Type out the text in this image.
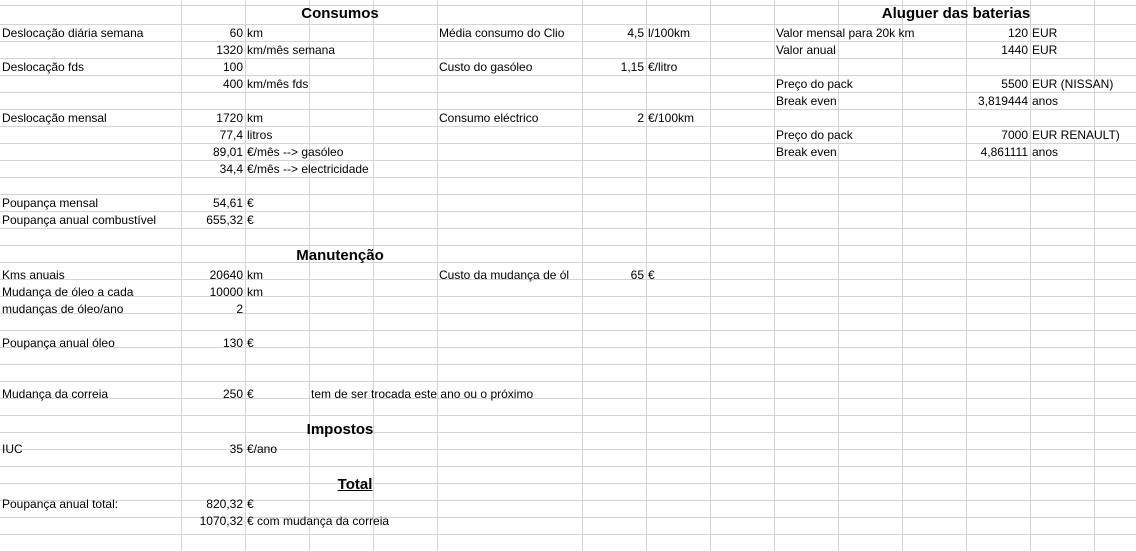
Consumos	Aluguer das baterias
Manutenção
Impostos
Total
Deslocação diária semana	60 km	Média consumo do Clio	4,5 l/100km
1320 km/mês semana
Deslocação fds	100	Custo do gasóleo	1,15 €/litro
400 km/mês fds
Deslocação mensal	1720 km	Consumo eléctrico	2 €/100km
77,4 litros
89,01 €/mês --> gasóleo
34,4 €/mês --> electricidade
Poupança mensal	54,61 €
Poupança anual combustível	655,32 €
Valor mensal para 20k km	120 EUR
Valor anual	1440 EUR
Preço do pack	5500 EUR (NISSAN)
Break even	3,819444 anos
Preço do pack	7000 EUR RENAULT)
Break even	4,861111 anos
Kms anuais	20640 km	Custo da mudança de ól	65 €
Mudança de óleo a cada	10000 km
mudanças de óleo/ano	2
Poupança anual óleo	130 €
Mudança da correia	250 €	tem de ser trocada este ano ou o próximo
IUC	35 €/ano
Poupança anual total:	820,32 €
1070,32 € com mudança da correia
